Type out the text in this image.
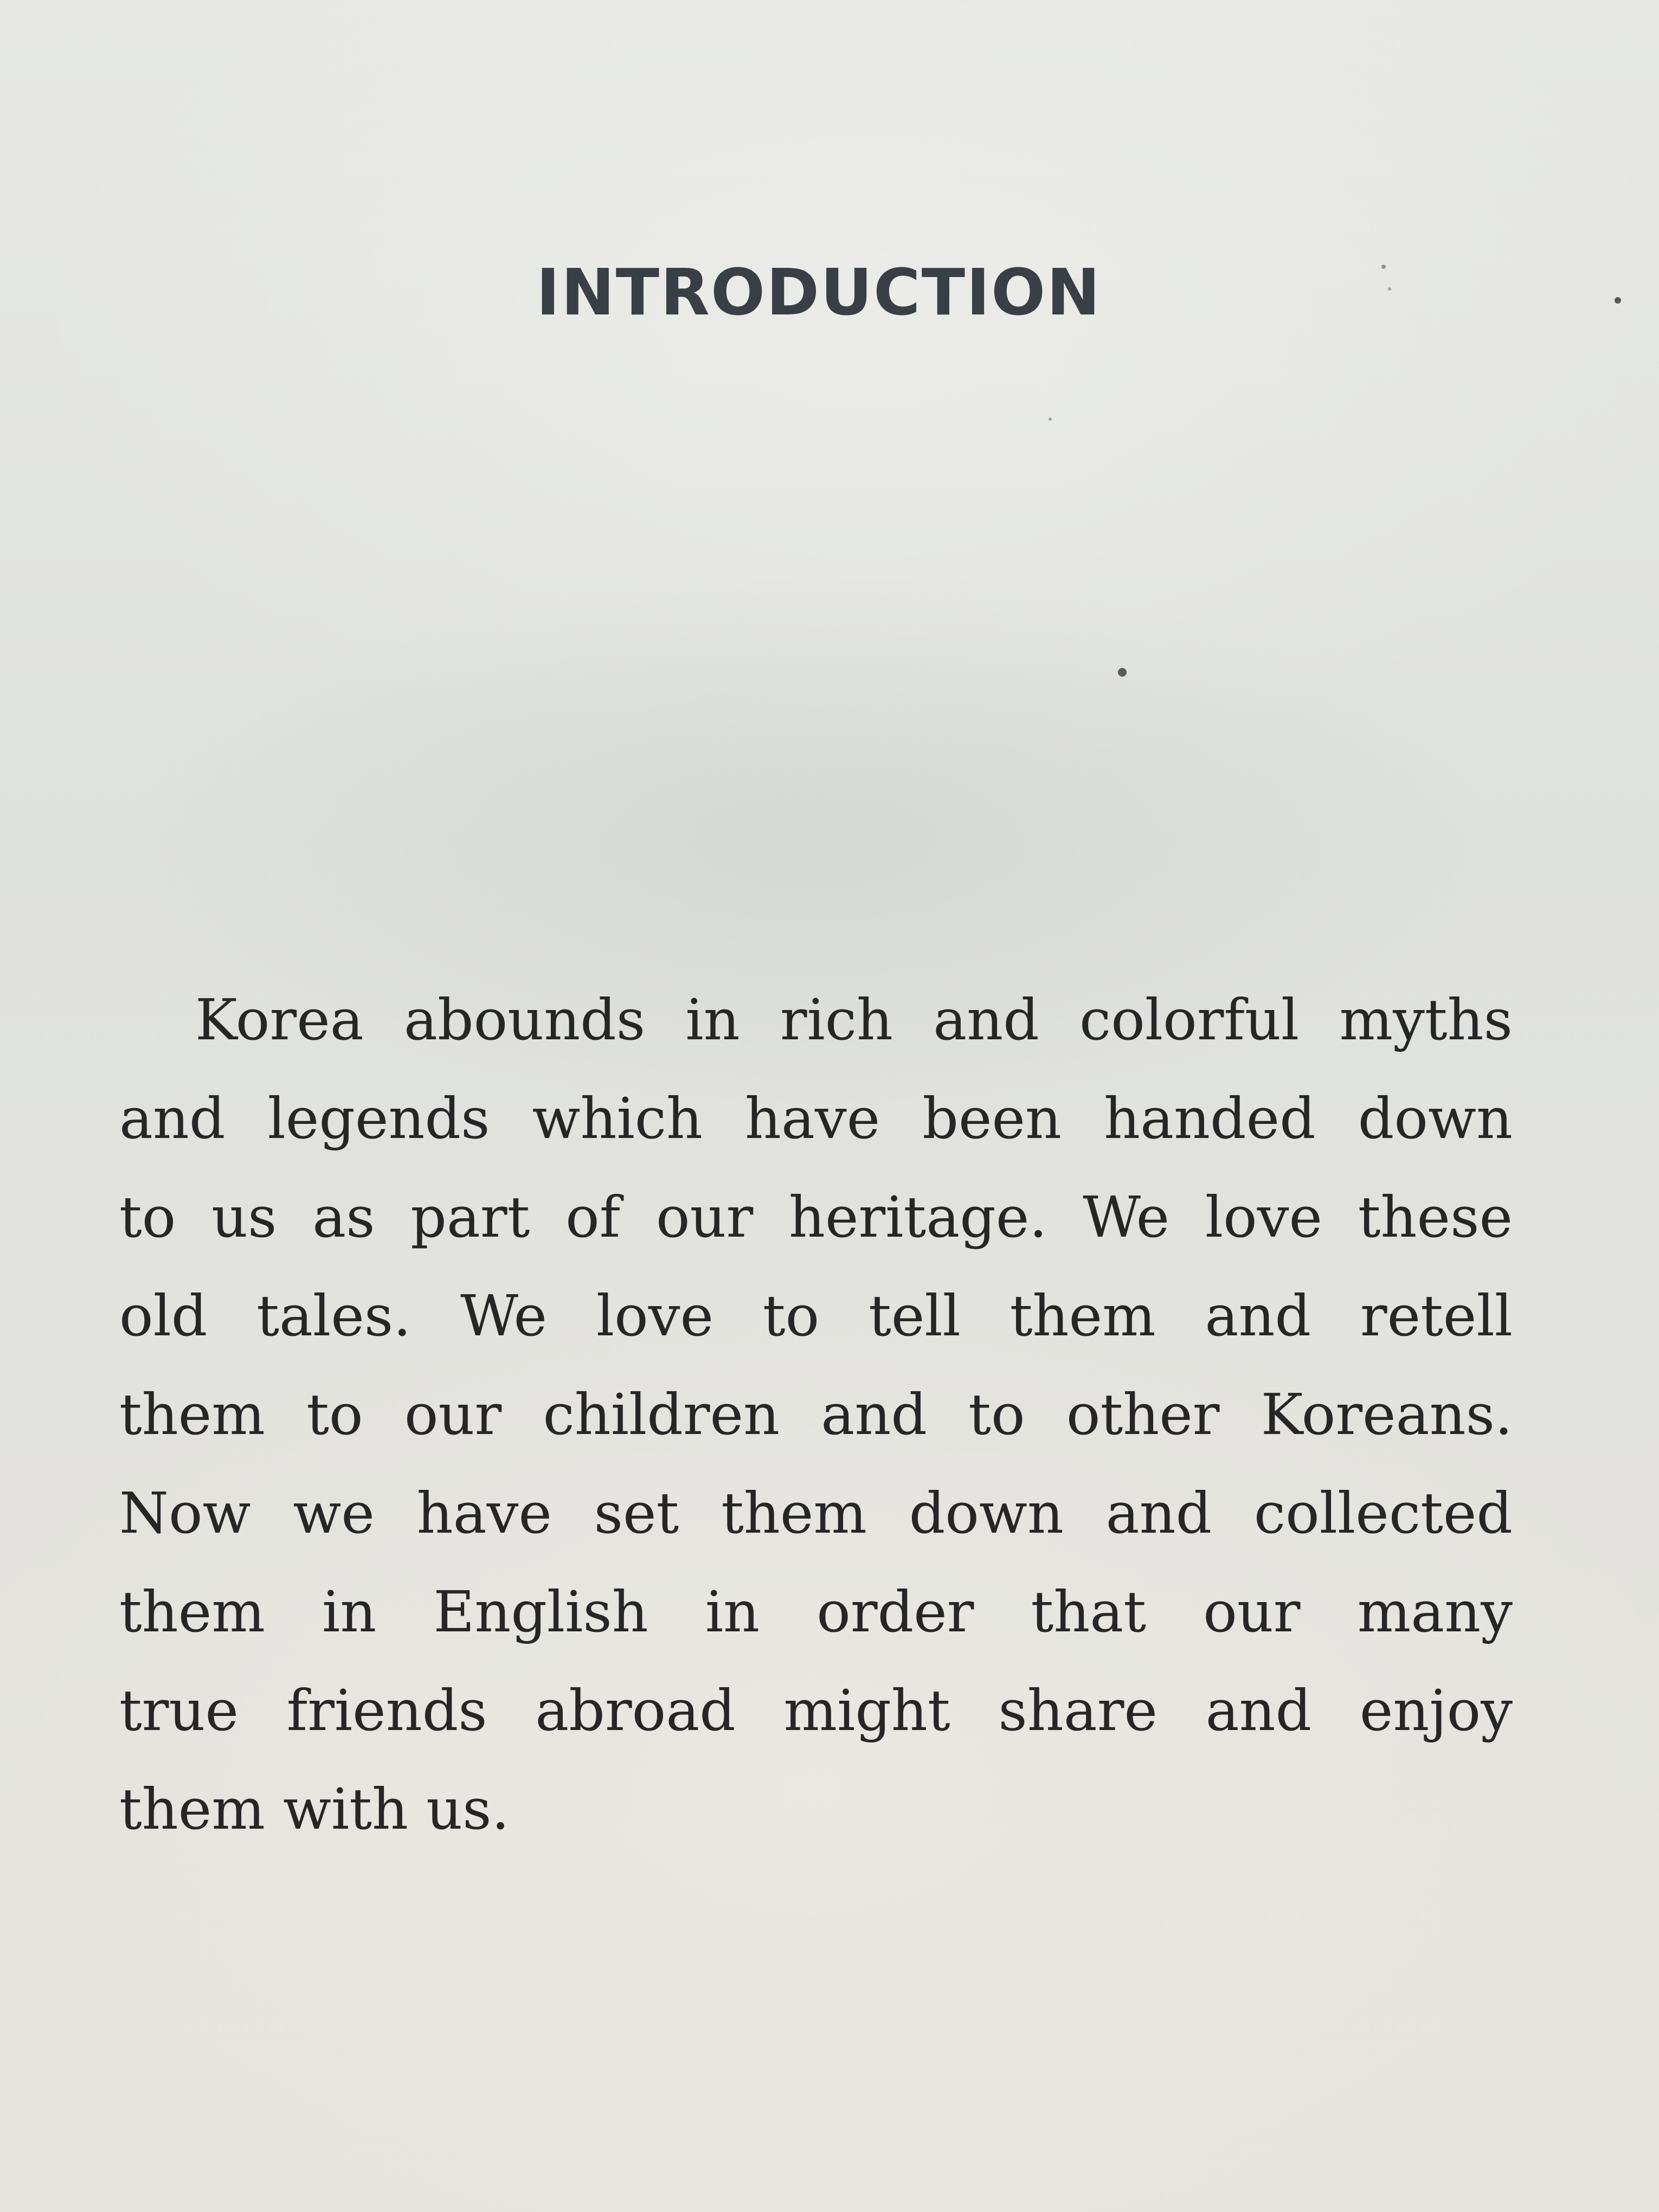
INTRODUCTION
Korea abounds in rich and colorful myths
and legends which have been handed down
to us as part of our heritage. We love these
old tales. We love to tell them and retell
them to our children and to other Koreans.
Now we have set them down and collected
them in English in order that our many
true friends abroad might share and enjoy
them with us.
